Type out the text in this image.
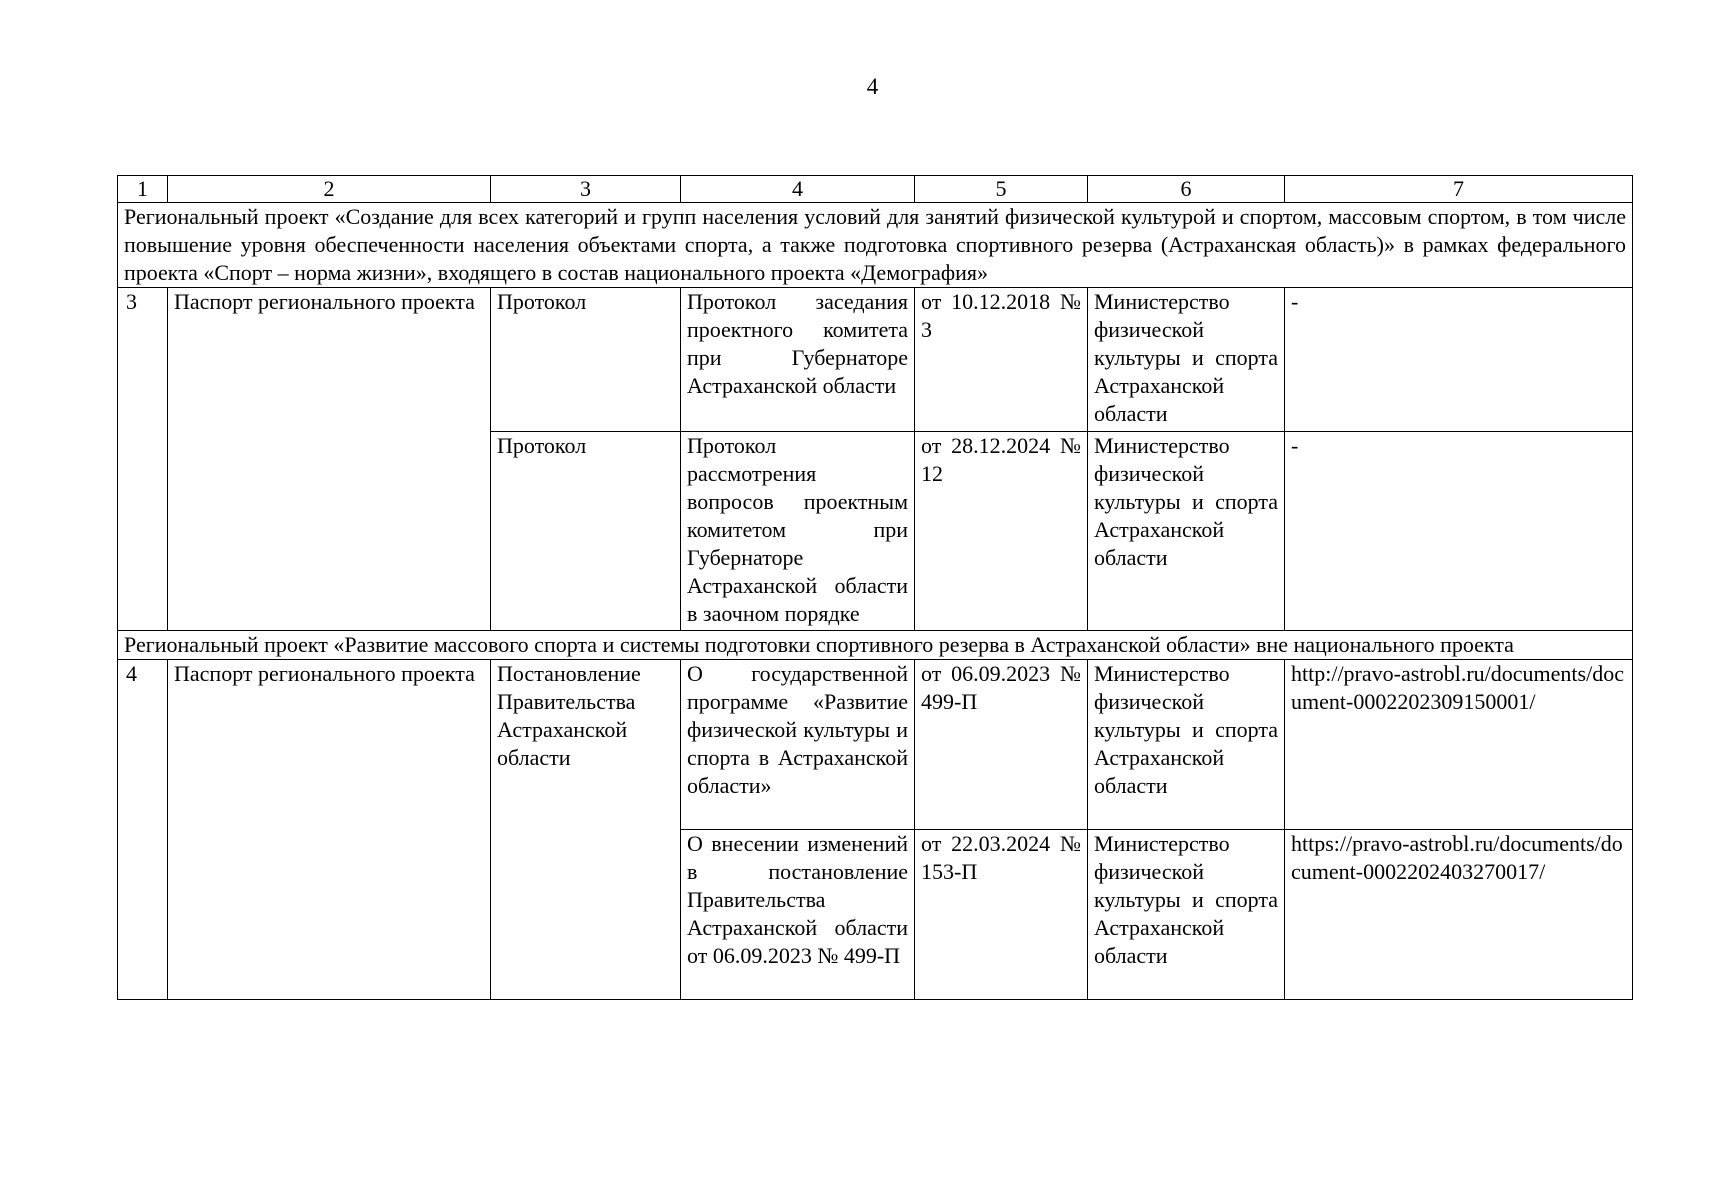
4
1	2	3	4	5	6	7
Региональный проект «Создание для всех категорий и групп населения условий для занятий физической культурой и спортом, массовым спортом, в том числе повышение уровня обеспеченности населения объектами спорта, а также подготовка спортивного резерва (Астраханская область)» в рамках федерального проекта «Спорт – норма жизни», входящего в состав национального проекта «Демография»						
3	Паспорт регионального проекта	Протокол	Протокол заседания проектного комитета при Губернаторе Астраханской области	от 10.12.2018 № 3	Министерство физической культуры и спорта Астраханской области	-
		Протокол	Протокол рассмотрения вопросов проектным комитетом при Губернаторе Астраханской области в заочном порядке	от 28.12.2024 № 12	Министерство физической культуры и спорта Астраханской области	-
Региональный проект «Развитие массового спорта и системы подготовки спортивного резерва в Астраханской области» вне национального проекта						
4	Паспорт регионального проекта	Постановление Правительства Астраханской области	О государственной программе «Развитие физической культуры и спорта в Астраханской области»	от 06.09.2023 № 499-П	Министерство физической культуры и спорта Астраханской области	http://pravo-astrobl.ru/documents/document-0002202309150001/
			О внесении изменений в постановление Правительства Астраханской области от 06.09.2023 № 499-П	от 22.03.2024 № 153-П	Министерство физической культуры и спорта Астраханской области	https://pravo-astrobl.ru/documents/document-0002202403270017/
